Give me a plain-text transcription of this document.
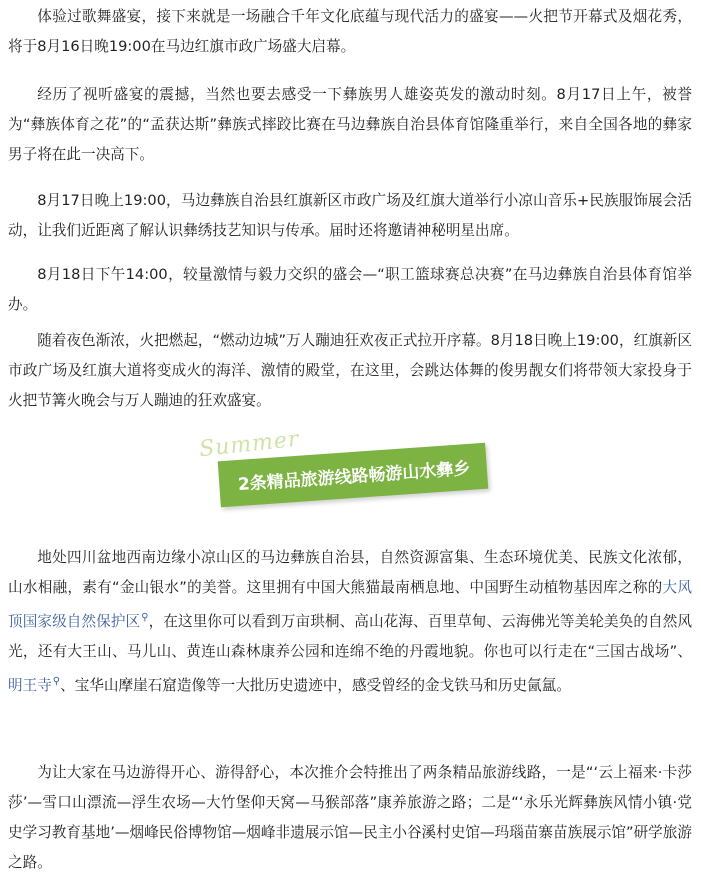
体验过歌舞盛宴，接下来就是一场融合千年文化底蕴与现代活力的盛宴——火把节开幕式及烟花秀，将于8月16日晚19:00在马边红旗市政广场盛大启幕。

经历了视听盛宴的震撼，当然也要去感受一下彝族男人雄姿英发的激动时刻。8月17日上午，被誉为“彝族体育之花”的“孟获达斯”彝族式摔跤比赛在马边彝族自治县体育馆隆重举行，来自全国各地的彝家男子将在此一决高下。

8月17日晚上19:00，马边彝族自治县红旗新区市政广场及红旗大道举行小凉山音乐+民族服饰展会活动，让我们近距离了解认识彝绣技艺知识与传承。届时还将邀请神秘明星出席。

8月18日下午14:00，较量激情与毅力交织的盛会—“职工篮球赛总决赛”在马边彝族自治县体育馆举办。

随着夜色渐浓，火把燃起，“燃动边城”万人蹦迪狂欢夜正式拉开序幕。8月18日晚上19:00，红旗新区市政广场及红旗大道将变成火的海洋、激情的殿堂，在这里，会跳达体舞的俊男靓女们将带领大家投身于火把节篝火晚会与万人蹦迪的狂欢盛宴。

Summer
2条精品旅游线路畅游山水彝乡

地处四川盆地西南边缘小凉山区的马边彝族自治县，自然资源富集、生态环境优美、民族文化浓郁，山水相融，素有“金山银水”的美誉。这里拥有中国大熊猫最南栖息地、中国野生动植物基因库之称的大风顶国家级自然保护区⚲，在这里你可以看到万亩珙桐、高山花海、百里草甸、云海佛光等美轮美奂的自然风光，还有大王山、马儿山、黄连山森林康养公园和连绵不绝的丹霞地貌。你也可以行走在“三国古战场”、明王寺⚲、宝华山摩崖石窟造像等一大批历史遗迹中，感受曾经的金戈铁马和历史氤氲。

为让大家在马边游得开心、游得舒心，本次推介会特推出了两条精品旅游线路，一是“‘云上福来·卡莎莎’—雪口山漂流—浮生农场—大竹堡仰天窝—马猴部落”康养旅游之路；二是“‘永乐光辉彝族风情小镇·党史学习教育基地’—烟峰民俗博物馆—烟峰非遗展示馆—民主小谷溪村史馆—玛瑙苗寨苗族展示馆”研学旅游之路。
